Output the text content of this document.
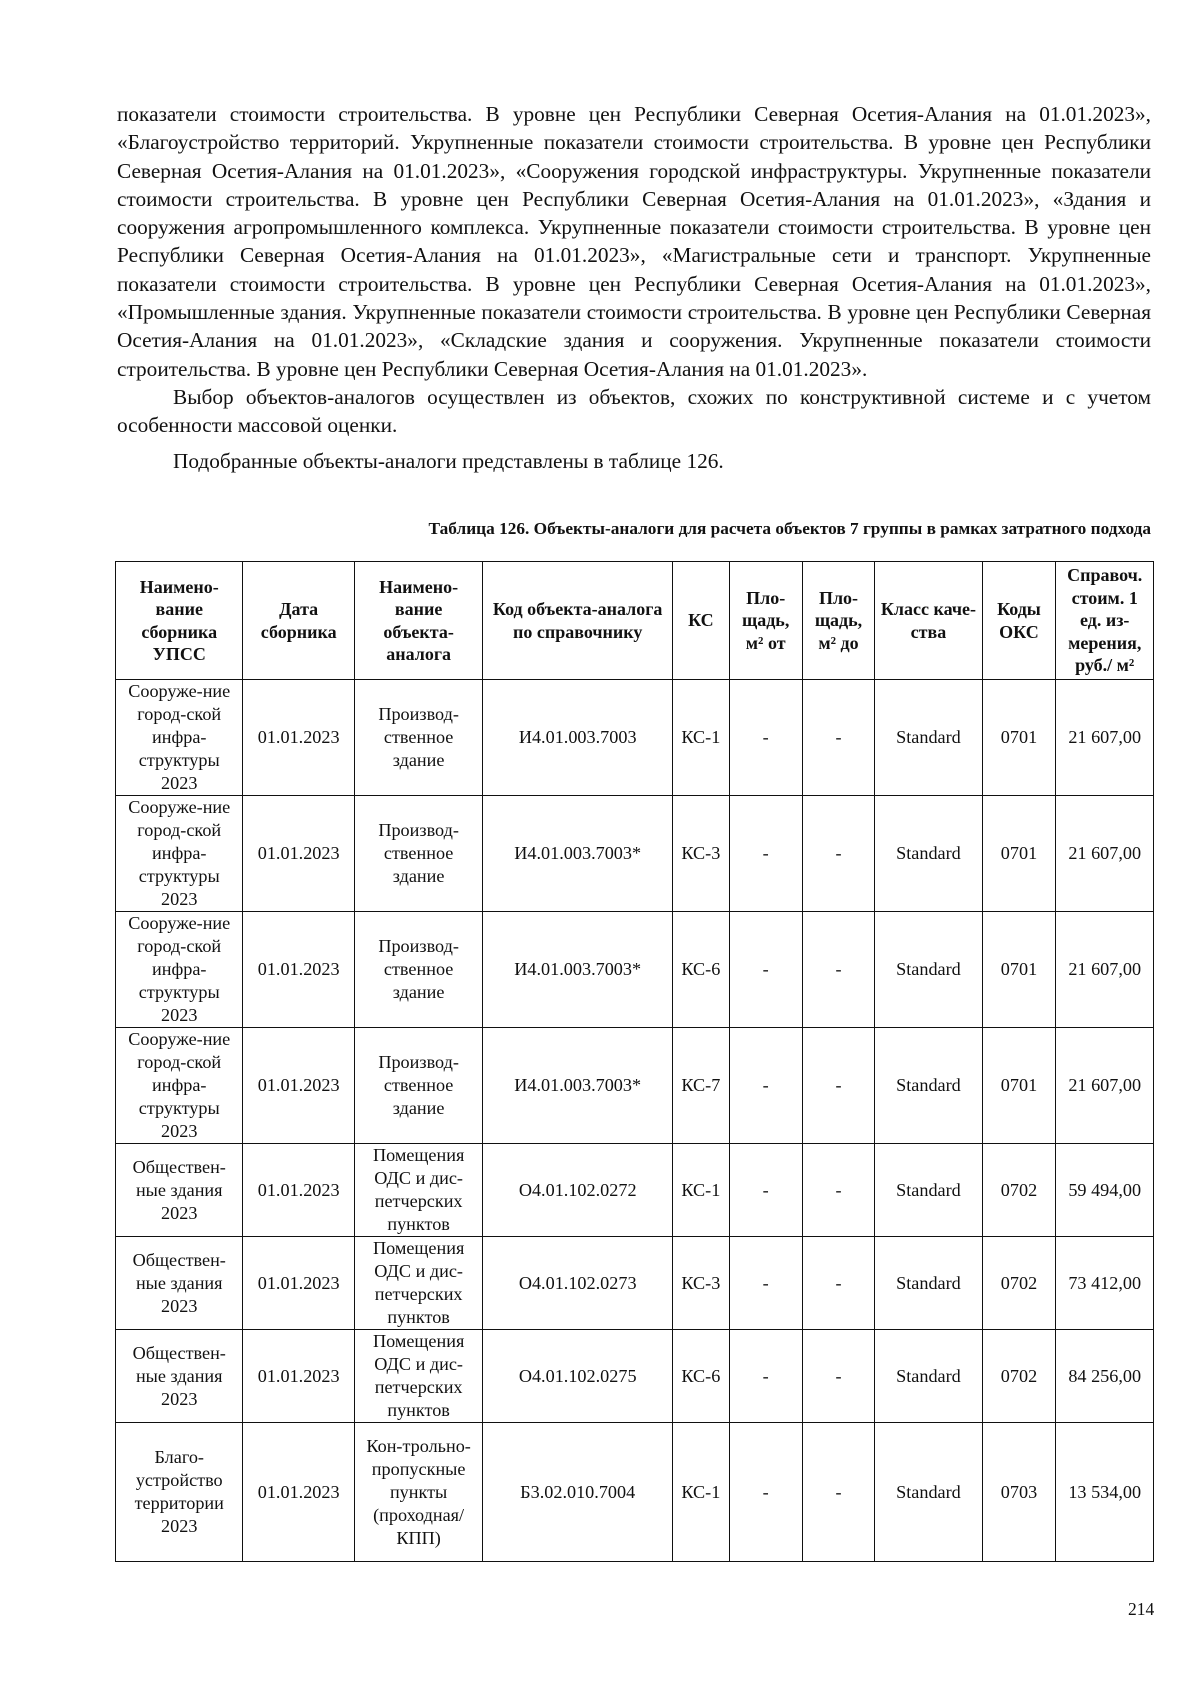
показатели стоимости строительства. В уровне цен Республики Северная Осетия-Алания на 01.01.2023», «Благоустройство территорий. Укрупненные показатели стоимости строительства. В уровне цен Республики Северная Осетия-Алания на 01.01.2023», «Сооружения городской инфраструктуры. Укрупненные показатели стоимости строительства. В уровне цен Республики Северная Осетия-Алания на 01.01.2023», «Здания и сооружения агропромышленного комплекса. Укрупненные показатели стоимости строительства. В уровне цен Республики Северная Осетия-Алания на 01.01.2023», «Магистральные сети и транспорт. Укрупненные показатели стоимости строительства. В уровне цен Республики Северная Осетия-Алания на 01.01.2023», «Промышленные здания. Укрупненные показатели стоимости строительства. В уровне цен Республики Северная Осетия-Алания на 01.01.2023», «Складские здания и сооружения. Укрупненные показатели стоимости строительства. В уровне цен Республики Северная Осетия-Алания на 01.01.2023».

Выбор объектов-аналогов осуществлен из объектов, схожих по конструктивной системе и с учетом особенности массовой оценки.

Подобранные объекты-аналоги представлены в таблице 126.

Таблица 126. Объекты-аналоги для расчета объектов 7 группы в рамках затратного подхода
Наимено-вание сборника УПСС	Дата сборника	Наимено-вание объекта-аналога	Код объекта-аналога по справочнику	КС	Пло-щадь, м² от	Пло-щадь, м² до	Класс каче-ства	Коды ОКС	Справоч. стоим. 1 ед. из-мерения, руб./ м²
Сооруже-ние город-ской инфра-структуры 2023	01.01.2023	Производ-ственное здание	И4.01.003.7003	КС-1	-	-	Standard	0701	21 607,00
Сооруже-ние город-ской инфра-структуры 2023	01.01.2023	Производ-ственное здание	И4.01.003.7003*	КС-3	-	-	Standard	0701	21 607,00
Сооруже-ние город-ской инфра-структуры 2023	01.01.2023	Производ-ственное здание	И4.01.003.7003*	КС-6	-	-	Standard	0701	21 607,00
Сооруже-ние город-ской инфра-структуры 2023	01.01.2023	Производ-ственное здание	И4.01.003.7003*	КС-7	-	-	Standard	0701	21 607,00
Обществен-ные здания 2023	01.01.2023	Помещения ОДС и дис-петчерских пунктов	О4.01.102.0272	КС-1	-	-	Standard	0702	59 494,00
Обществен-ные здания 2023	01.01.2023	Помещения ОДС и дис-петчерских пунктов	О4.01.102.0273	КС-3	-	-	Standard	0702	73 412,00
Обществен-ные здания 2023	01.01.2023	Помещения ОДС и дис-петчерских пунктов	О4.01.102.0275	КС-6	-	-	Standard	0702	84 256,00
Благо-устройство территории 2023	01.01.2023	Кон-трольно-пропускные пункты (проходная/ КПП)	Б3.02.010.7004	КС-1	-	-	Standard	0703	13 534,00
214
